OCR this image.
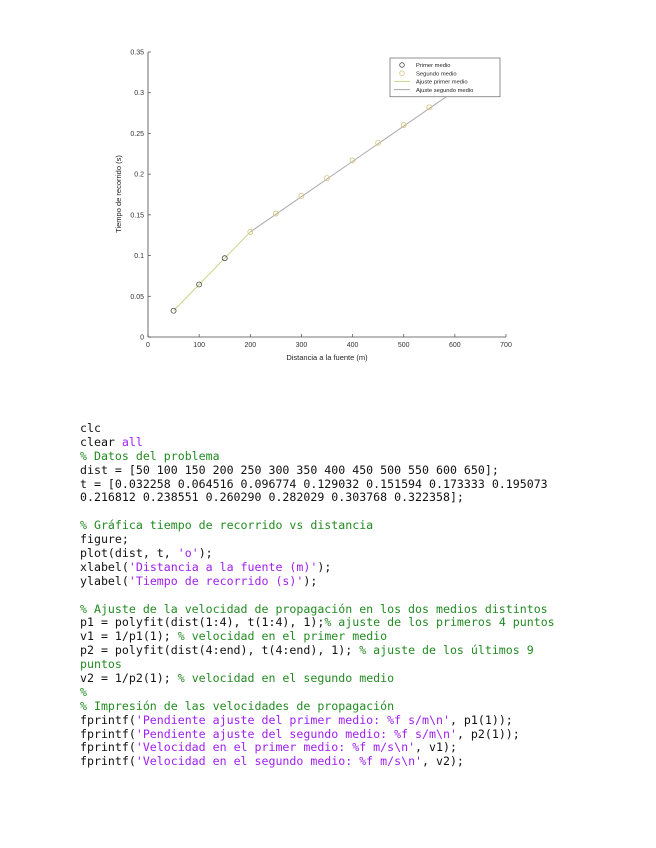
0	100	200	300	400	500	600	700
0
0.05
0.1
0.15
0.2
0.25
0.3
0.35
Primer medio
Segundo medio
Ajuste primer medio
Ajuste segundo medio
Distancia a la fuente (m)
Tiempo de recorrido (s)
clc
clear all
% Datos del problema
dist = [50 100 150 200 250 300 350 400 450 500 550 600 650];
t = [0.032258 0.064516 0.096774 0.129032 0.151594 0.173333 0.195073
0.216812 0.238551 0.260290 0.282029 0.303768 0.322358];
% Gráfica tiempo de recorrido vs distancia
figure;
plot(dist, t, 'o');
xlabel('Distancia a la fuente (m)');
ylabel('Tiempo de recorrido (s)');
% Ajuste de la velocidad de propagación en los dos medios distintos
p1 = polyfit(dist(1:4), t(1:4), 1);% ajuste de los primeros 4 puntos
v1 = 1/p1(1); % velocidad en el primer medio
p2 = polyfit(dist(4:end), t(4:end), 1); % ajuste de los últimos 9
puntos
v2 = 1/p2(1); % velocidad en el segundo medio
%
% Impresión de las velocidades de propagación
fprintf('Pendiente ajuste del primer medio: %f s/m\n', p1(1));
fprintf('Pendiente ajuste del segundo medio: %f s/m\n', p2(1));
fprintf('Velocidad en el primer medio: %f m/s\n', v1);
fprintf('Velocidad en el segundo medio: %f m/s\n', v2);
